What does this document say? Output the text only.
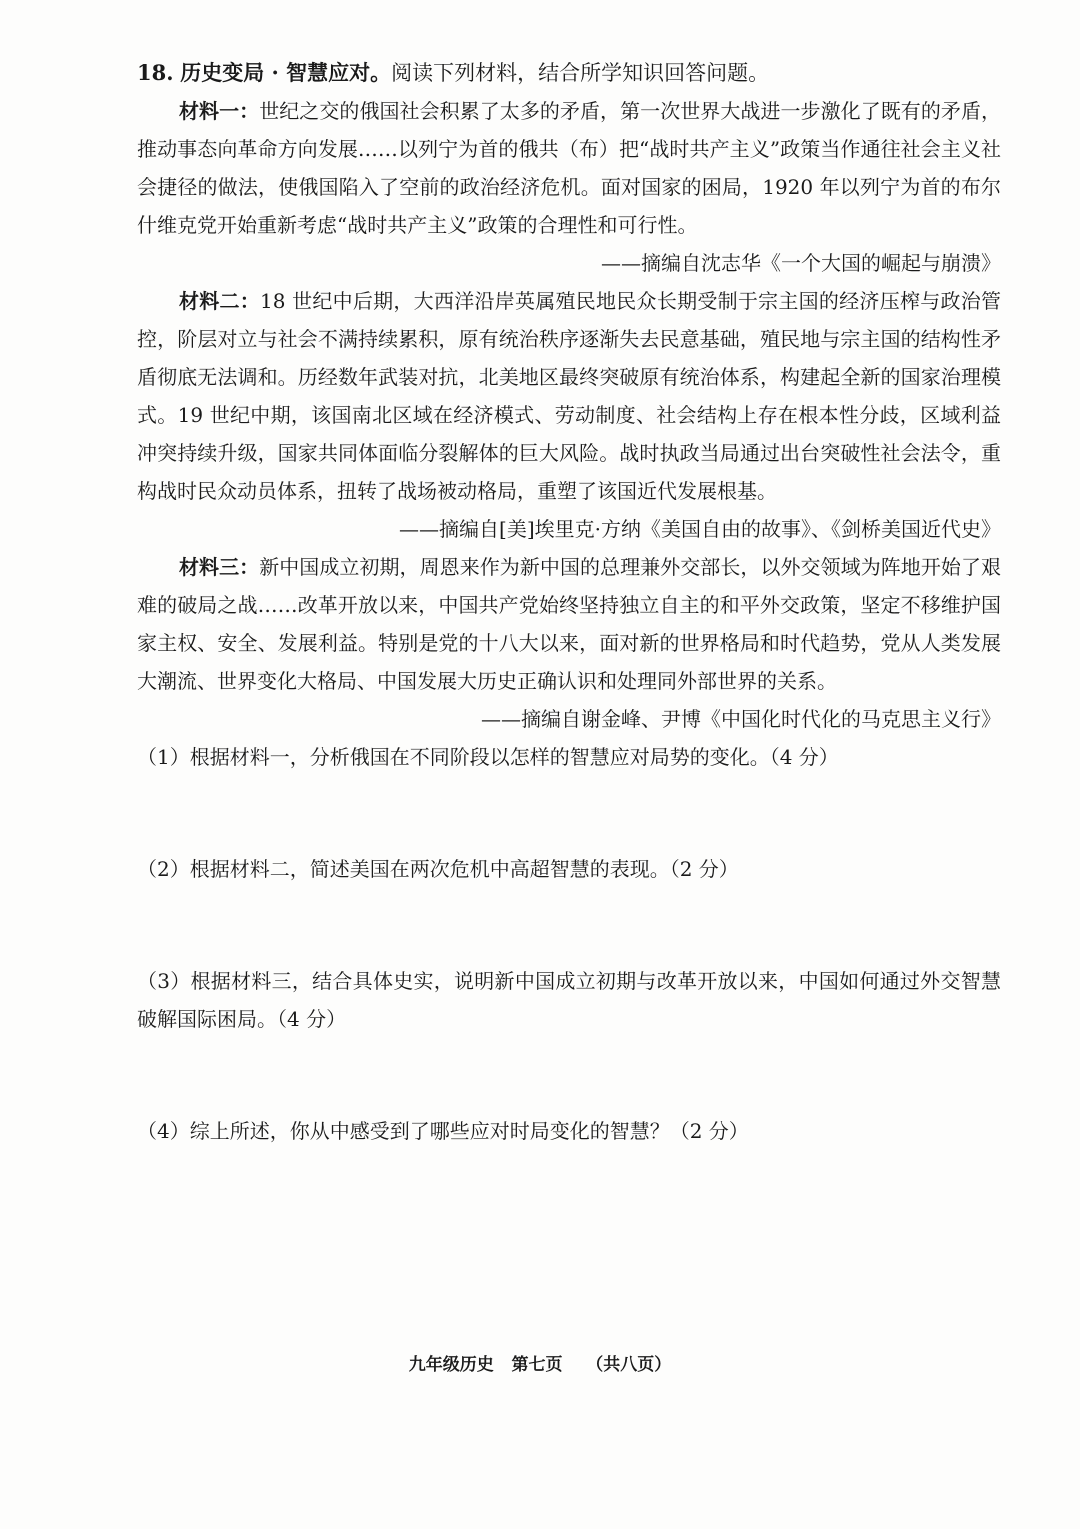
18. 历史变局 · 智慧应对。阅读下列材料，结合所学知识回答问题。

材料一：世纪之交的俄国社会积累了太多的矛盾，第一次世界大战进一步激化了既有的矛盾，推动事态向革命方向发展……以列宁为首的俄共（布）把“战时共产主义”政策当作通往社会主义社会捷径的做法，使俄国陷入了空前的政治经济危机。面对国家的困局，1920 年以列宁为首的布尔什维克党开始重新考虑“战时共产主义”政策的合理性和可行性。

——摘编自沈志华《一个大国的崛起与崩溃》

材料二：18 世纪中后期，大西洋沿岸英属殖民地民众长期受制于宗主国的经济压榨与政治管控，阶层对立与社会不满持续累积，原有统治秩序逐渐失去民意基础，殖民地与宗主国的结构性矛盾彻底无法调和。历经数年武装对抗，北美地区最终突破原有统治体系，构建起全新的国家治理模式。19 世纪中期，该国南北区域在经济模式、劳动制度、社会结构上存在根本性分歧，区域利益冲突持续升级，国家共同体面临分裂解体的巨大风险。战时执政当局通过出台突破性社会法令，重构战时民众动员体系，扭转了战场被动格局，重塑了该国近代发展根基。

——摘编自[美]埃里克·方纳《美国自由的故事》、《剑桥美国近代史》

材料三：新中国成立初期，周恩来作为新中国的总理兼外交部长，以外交领域为阵地开始了艰难的破局之战……改革开放以来，中国共产党始终坚持独立自主的和平外交政策，坚定不移维护国家主权、安全、发展利益。特别是党的十八大以来，面对新的世界格局和时代趋势，党从人类发展大潮流、世界变化大格局、中国发展大历史正确认识和处理同外部世界的关系。

——摘编自谢金峰、尹博《中国化时代化的马克思主义行》

（1）根据材料一，分析俄国在不同阶段以怎样的智慧应对局势的变化。（4 分）

（2）根据材料二，简述美国在两次危机中高超智慧的表现。（2 分）

（3）根据材料三，结合具体史实，说明新中国成立初期与改革开放以来，中国如何通过外交智慧破解国际困局。（4 分）

（4）综上所述，你从中感受到了哪些应对时局变化的智慧？（2 分）

九年级历史   第七页    （共八页）
